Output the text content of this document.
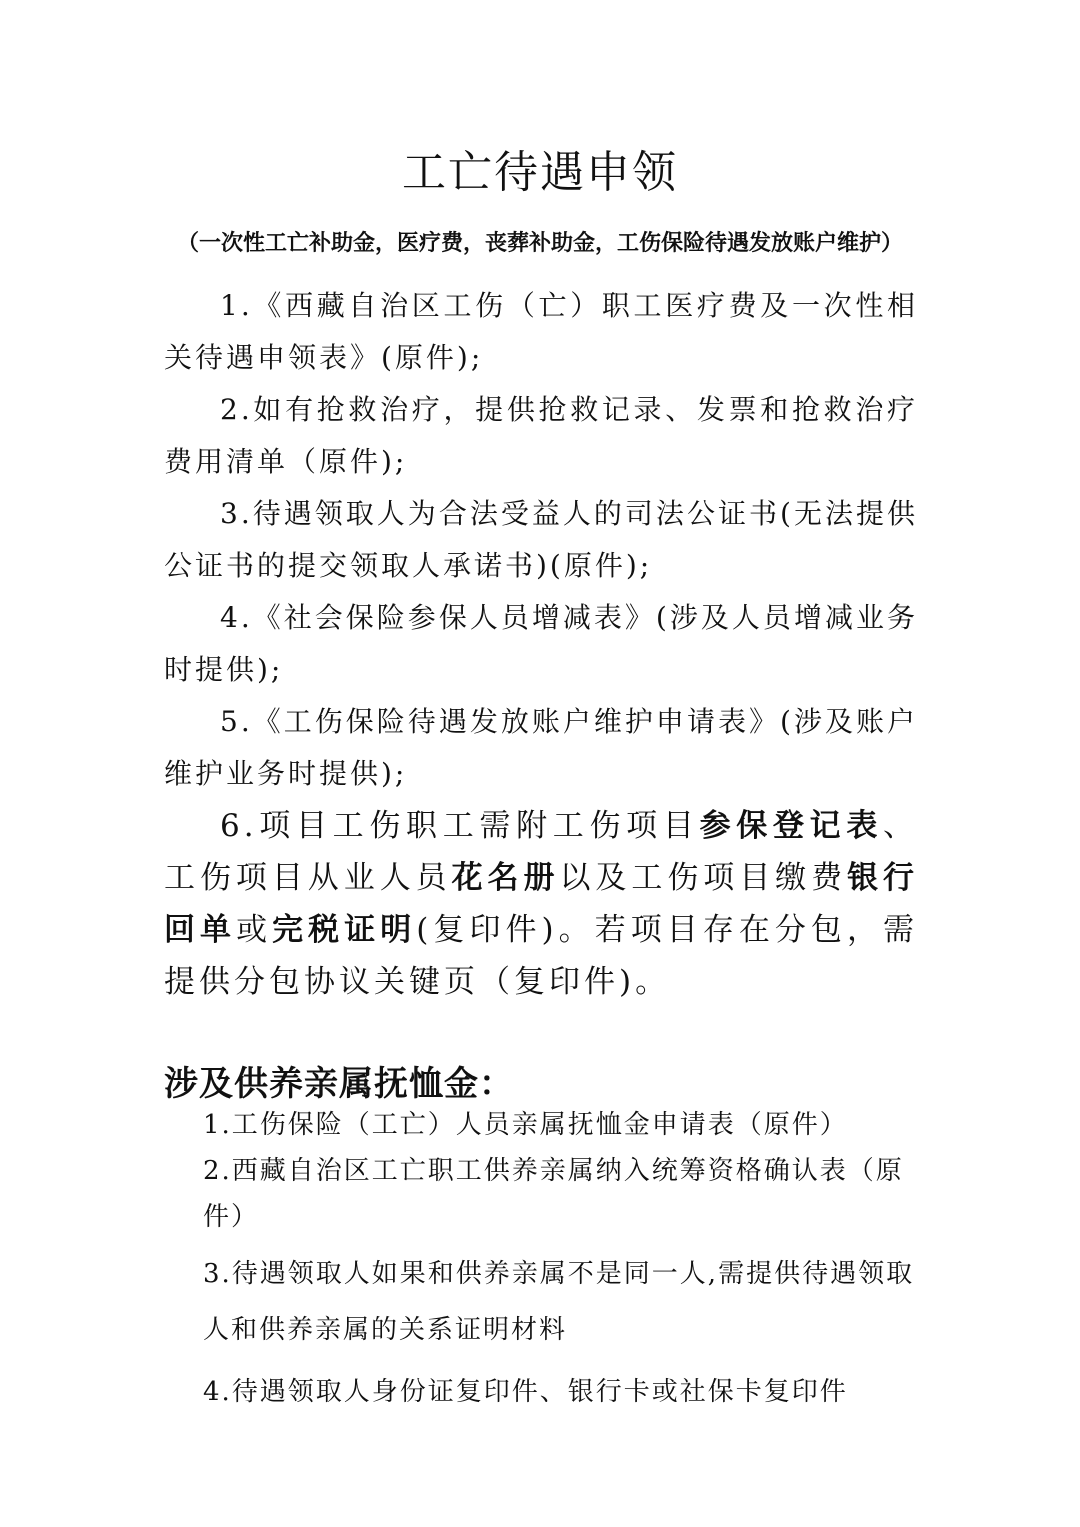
工亡待遇申领
（一次性工亡补助金，医疗费，丧葬补助金，工伤保险待遇发放账户维护）

1.《西藏自治区工伤（亡）职工医疗费及一次性相关待遇申领表》(原件);

2.如有抢救治疗，提供抢救记录、发票和抢救治疗费用清单（原件);

3.待遇领取人为合法受益人的司法公证书(无法提供公证书的提交领取人承诺书)(原件);

4.《社会保险参保人员增减表》(涉及人员增减业务时提供);

5.《工伤保险待遇发放账户维护申请表》(涉及账户维护业务时提供);

6.项目工伤职工需附工伤项目参保登记表、工伤项目从业人员花名册以及工伤项目缴费银行回单或完税证明(复印件)。若项目存在分包，需提供分包协议关键页（复印件)。

涉及供养亲属抚恤金：

1.工伤保险（工亡）人员亲属抚恤金申请表（原件）

2.西藏自治区工亡职工供养亲属纳入统筹资格确认表（原件）

3.待遇领取人如果和供养亲属不是同一人,需提供待遇领取人和供养亲属的关系证明材料

4.待遇领取人身份证复印件、银行卡或社保卡复印件
